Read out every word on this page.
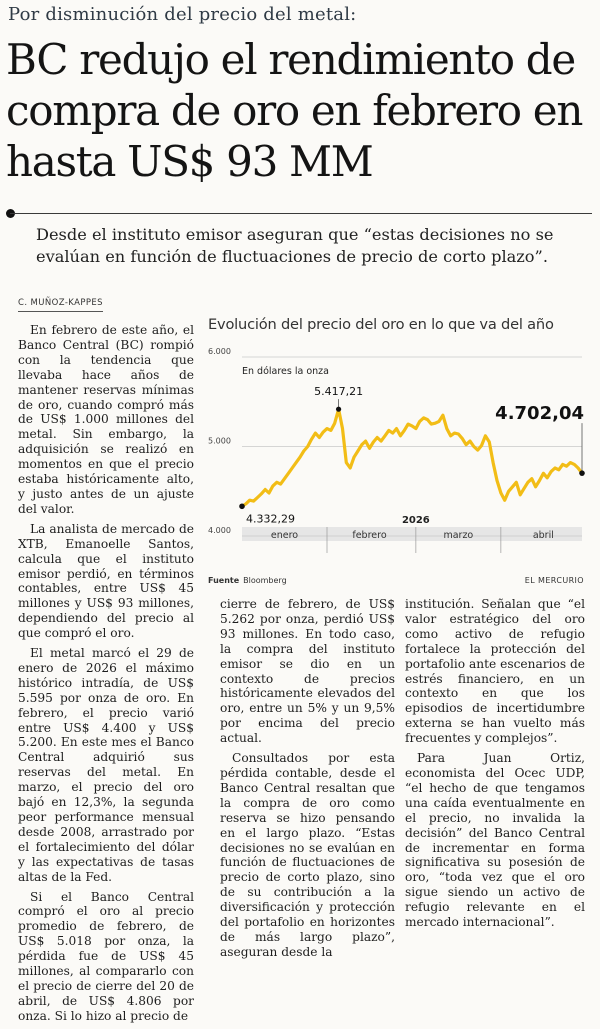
Por disminución del precio del metal:
BC redujo el rendimiento de compra de oro en febrero en hasta US$ 93 MM

Desde el instituto emisor aseguran que “estas decisiones no se evalúan en función de fluctuaciones de precio de corto plazo”.

C. MUÑOZ-KAPPES

En febrero de este año, el Banco Central (BC) rompió con la tendencia que llevaba hace años de mantener reservas mínimas de oro, cuando compró más de US$ 1.000 millones del metal. Sin embargo, la adquisición se realizó en momentos en que el precio estaba históricamente alto, y justo antes de un ajuste del valor.

La analista de mercado de XTB, Emanoelle Santos, calcula que el instituto emisor perdió, en términos contables, entre US$ 45 millones y US$ 93 millones, dependiendo del precio al que compró el oro.

El metal marcó el 29 de enero de 2026 el máximo histórico intradía, de US$ 5.595 por onza de oro. En febrero, el precio varió entre US$ 4.400 y US$ 5.200. En este mes el Banco Central adquirió sus reservas del metal. En marzo, el precio del oro bajó en 12,3%, la segunda peor performance mensual desde 2008, arrastrado por el fortalecimiento del dólar y las expectativas de tasas altas de la Fed.

Si el Banco Central compró el oro al precio promedio de febrero, de US$ 5.018 por onza, la pérdida fue de US$ 45 millones, al compararlo con el precio de cierre del 20 de abril, de US$ 4.806 por onza. Si lo hizo al precio de

Evolución del precio del oro en lo que va del año
6.000
5.000
4.000
En dólares la onza
enero	febrero	marzo	abril
2026
4.332,29
5.417,21
4.702,04
Fuente Bloomberg	EL MERCURIO

cierre de febrero, de US$ 5.262 por onza, perdió US$ 93 millones. En todo caso, la compra del instituto emisor se dio en un contexto de precios históricamente elevados del oro, entre un 5% y un 9,5% por encima del precio actual.

Consultados por esta pérdida contable, desde el Banco Central resaltan que la compra de oro como reserva se hizo pensando en el largo plazo. “Estas decisiones no se evalúan en función de fluctuaciones de precio de corto plazo, sino de su contribución a la diversificación y protección del portafolio en horizontes de más largo plazo”, aseguran desde la

institución. Señalan que “el valor estratégico del oro como activo de refugio fortalece la protección del portafolio ante escenarios de estrés financiero, en un contexto en que los episodios de incertidumbre externa se han vuelto más frecuentes y complejos”.

Para Juan Ortiz, economista del Ocec UDP, “el hecho de que tengamos una caída eventualmente en el precio, no invalida la decisión” del Banco Central de incrementar en forma significativa su posesión de oro, “toda vez que el oro sigue siendo un activo de refugio relevante en el mercado internacional”.
